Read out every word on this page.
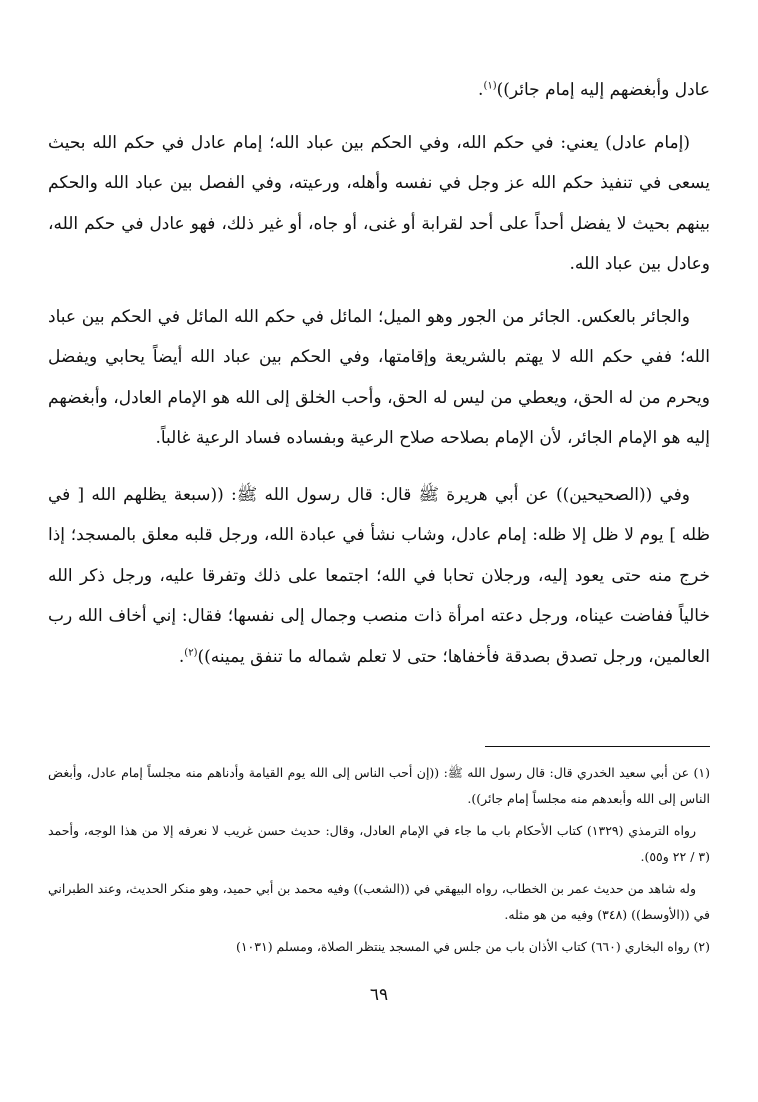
عادل وأبغضهم إليه إمام جائر))$^{(١)}$.

(إمام عادل) يعني: في حكم الله، وفي الحكم بين عباد الله؛ إمام عادل في حكم الله بحيث يسعى في تنفيذ حكم الله عز وجل في نفسه وأهله، ورعيته، وفي الفصل بين عباد الله والحكم بينهم بحيث لا يفضل أحداً على أحد لقرابة أو غنى، أو جاه، أو غير ذلك، فهو عادل في حكم الله، وعادل بين عباد الله.

والجائر بالعكس. الجائر من الجور وهو الميل؛ المائل في حكم الله المائل في الحكم بين عباد الله؛ ففي حكم الله لا يهتم بالشريعة وإقامتها، وفي الحكم بين عباد الله أيضاً يحابي ويفضل ويحرم من له الحق، ويعطي من ليس له الحق، وأحب الخلق إلى الله هو الإمام العادل، وأبغضهم إليه هو الإمام الجائر، لأن الإمام بصلاحه صلاح الرعية وبفساده فساد الرعية غالباً.

وفي ((الصحيحين)) عن أبي هريرة ﷺ قال: قال رسول الله ﷺ: ((سبعة يظلهم الله [ في ظله ] يوم لا ظل إلا ظله: إمام عادل، وشاب نشأ في عبادة الله، ورجل قلبه معلق بالمسجد؛ إذا خرج منه حتى يعود إليه، ورجلان تحابا في الله؛ اجتمعا على ذلك وتفرقا عليه، ورجل ذكر الله خالياً ففاضت عيناه، ورجل دعته امرأة ذات منصب وجمال إلى نفسها؛ فقال: إني أخاف الله رب العالمين، ورجل تصدق بصدقة فأخفاها؛ حتى لا تعلم شماله ما تنفق يمينه))$^{(٢)}$.

(١) عن أبي سعيد الخدري قال: قال رسول الله ﷺ: ((إن أحب الناس إلى الله يوم القيامة وأدناهم منه مجلساً إمام عادل، وأبغض الناس إلى الله وأبعدهم منه مجلساً إمام جائر)).

رواه الترمذي (١٣٢٩) كتاب الأحكام باب ما جاء في الإمام العادل، وقال: حديث حسن غريب لا نعرفه إلا من هذا الوجه، وأحمد (٣ / ٢٢ و٥٥).

وله شاهد من حديث عمر بن الخطاب، رواه البيهقي في ((الشعب)) وفيه محمد بن أبي حميد، وهو منكر الحديث، وعند الطبراني في ((الأوسط)) (٣٤٨) وفيه من هو مثله.

(٢) رواه البخاري (٦٦٠) كتاب الأذان باب من جلس في المسجد ينتظر الصلاة، ومسلم (١٠٣١)

٦٩
